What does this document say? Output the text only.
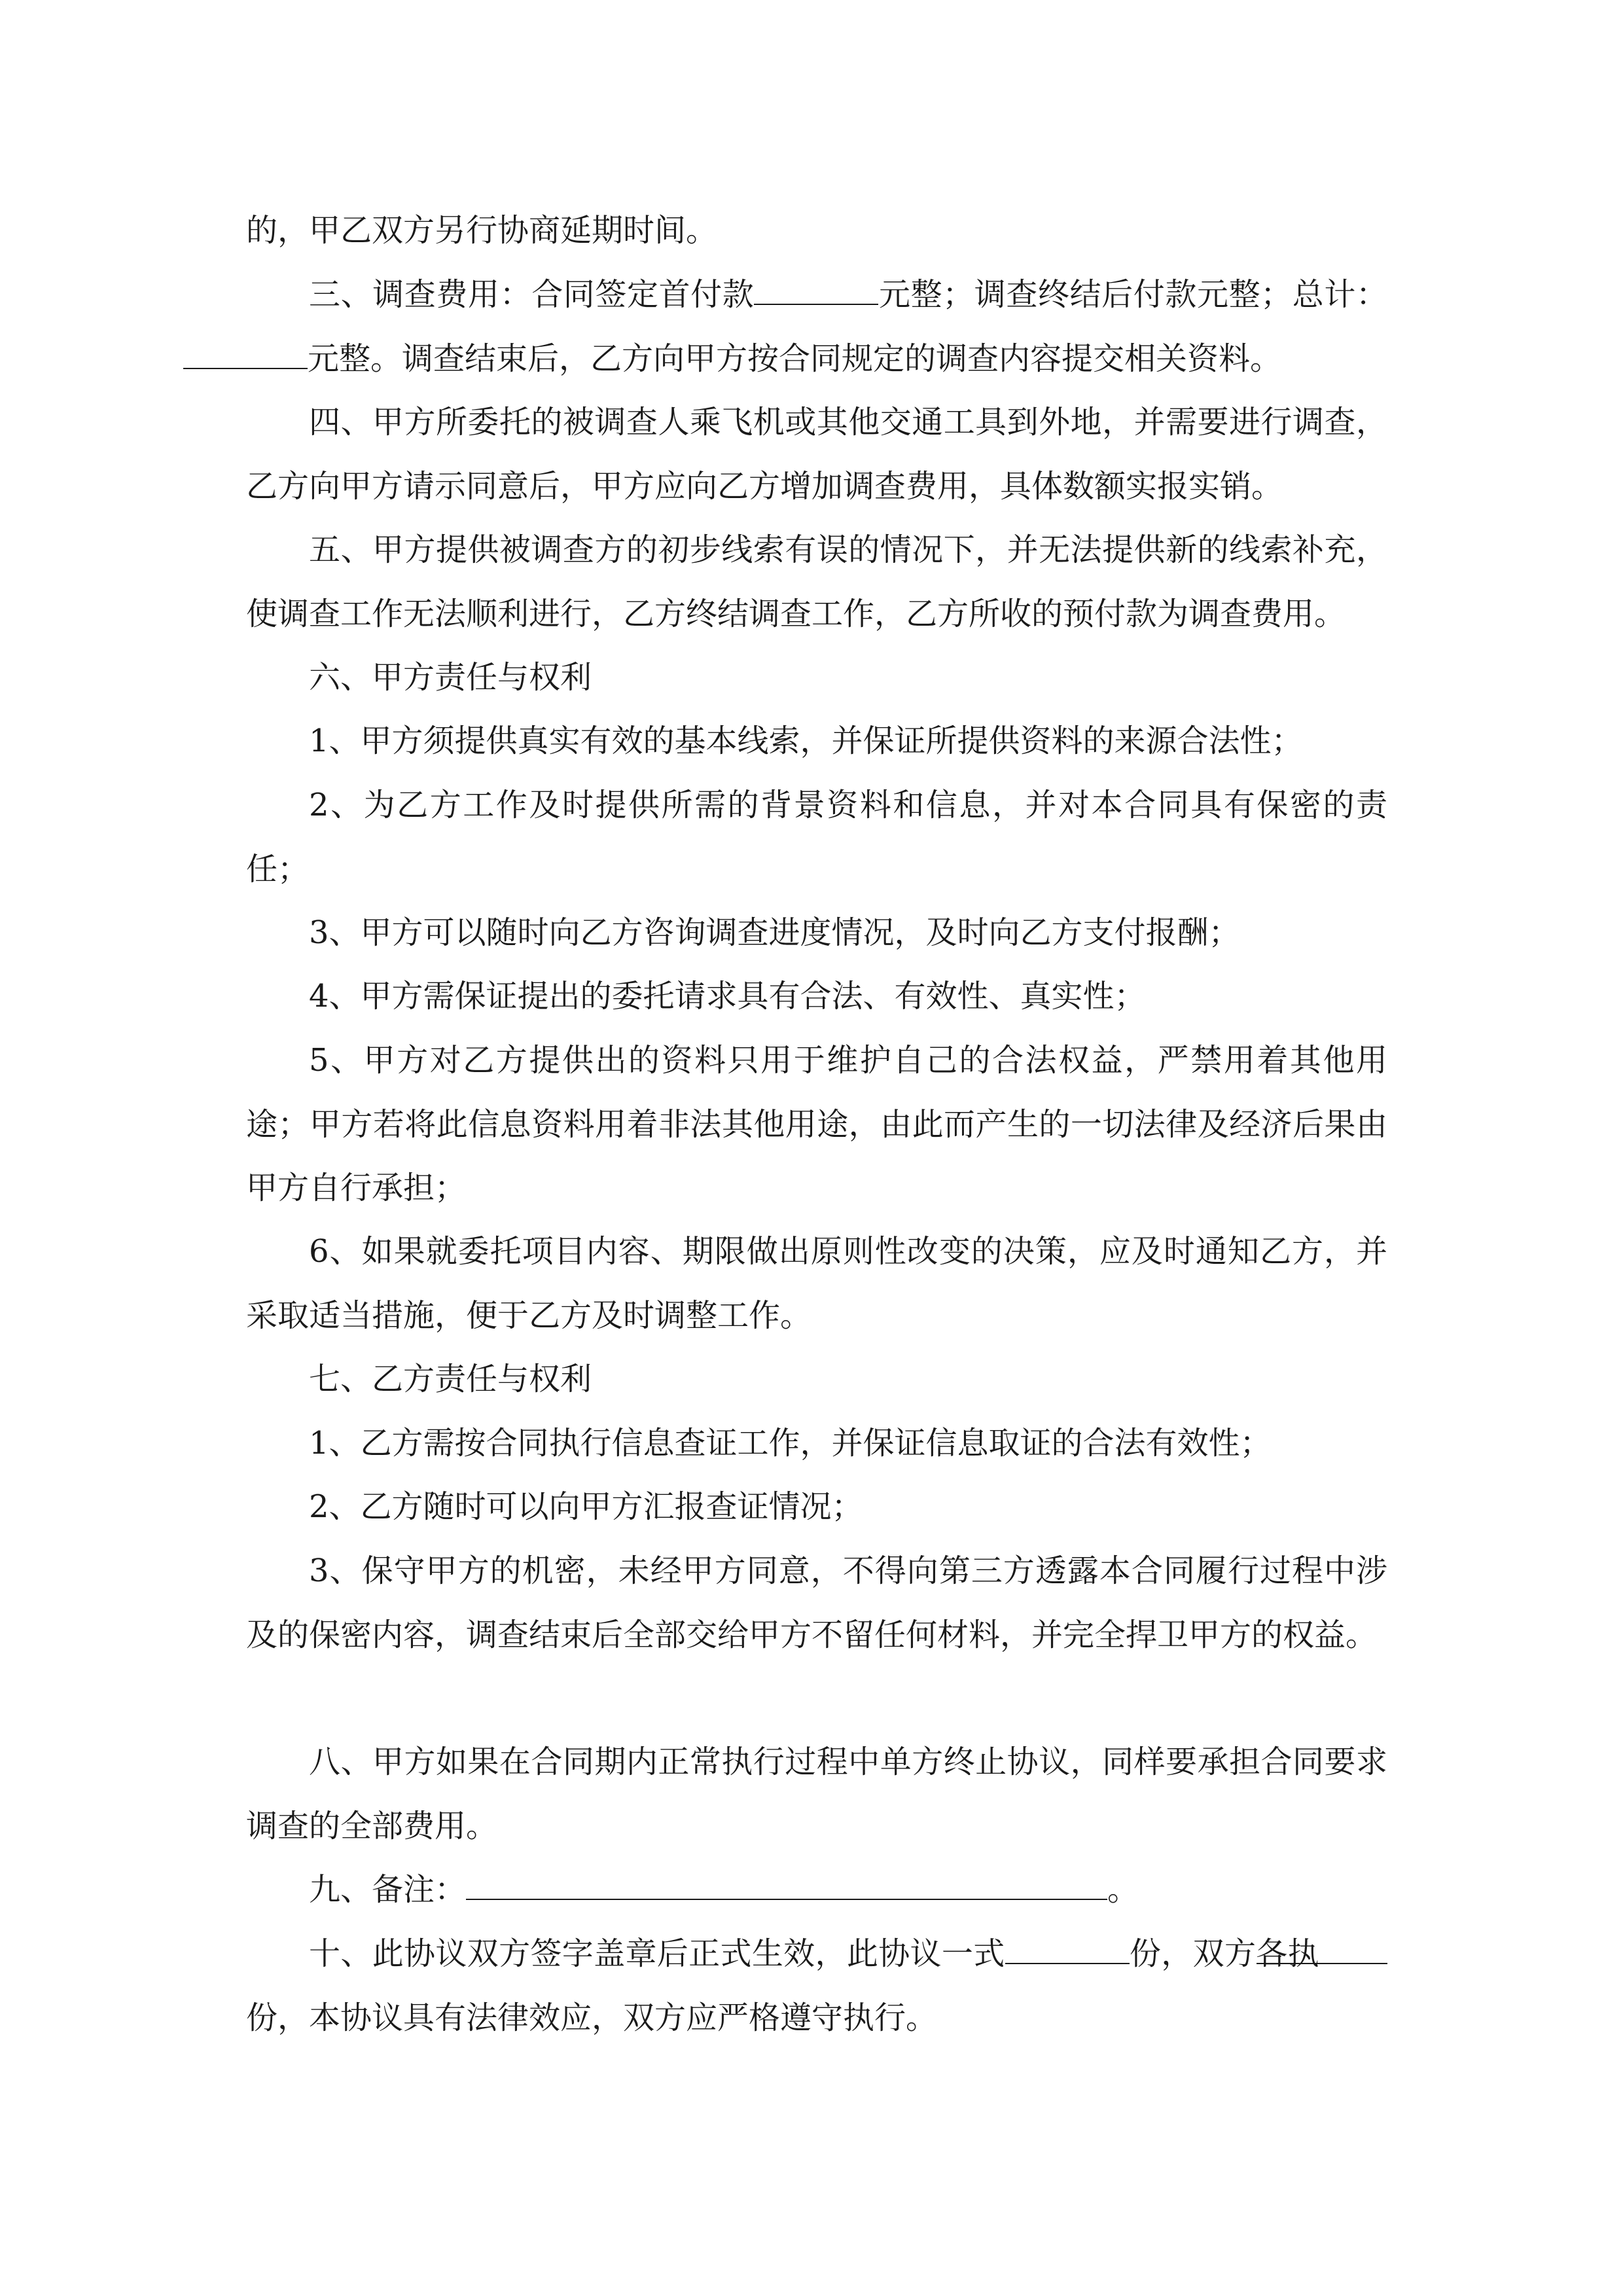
的，甲乙双方另行协商延期时间。

三、调查费用：合同签定首付款	元整；调查终结后付款元整；总计：元整。调查结束后，乙方向甲方按合同规定的调查内容提交相关资料。

四、甲方所委托的被调查人乘飞机或其他交通工具到外地，并需要进行调查，乙方向甲方请示同意后，甲方应向乙方增加调查费用，具体数额实报实销。

五、甲方提供被调查方的初步线索有误的情况下，并无法提供新的线索补充，使调查工作无法顺利进行，乙方终结调查工作，乙方所收的预付款为调查费用。

六、甲方责任与权利

1、甲方须提供真实有效的基本线索，并保证所提供资料的来源合法性；

2、为乙方工作及时提供所需的背景资料和信息，并对本合同具有保密的责任；

3、甲方可以随时向乙方咨询调查进度情况，及时向乙方支付报酬；

4、甲方需保证提出的委托请求具有合法、有效性、真实性；

5、甲方对乙方提供出的资料只用于维护自己的合法权益，严禁用着其他用途；甲方若将此信息资料用着非法其他用途，由此而产生的一切法律及经济后果由甲方自行承担；

6、如果就委托项目内容、期限做出原则性改变的决策，应及时通知乙方，并采取适当措施，便于乙方及时调整工作。

七、乙方责任与权利

1、乙方需按合同执行信息查证工作，并保证信息取证的合法有效性；

2、乙方随时可以向甲方汇报查证情况；

3、保守甲方的机密，未经甲方同意，不得向第三方透露本合同履行过程中涉及的保密内容，调查结束后全部交给甲方不留任何材料，并完全捍卫甲方的权益。

八、甲方如果在合同期内正常执行过程中单方终止协议，同样要承担合同要求调查的全部费用。

九、备注：	。

十、此协议双方签字盖章后正式生效，此协议一式	份，双方各执份，本协议具有法律效应，双方应严格遵守执行。
